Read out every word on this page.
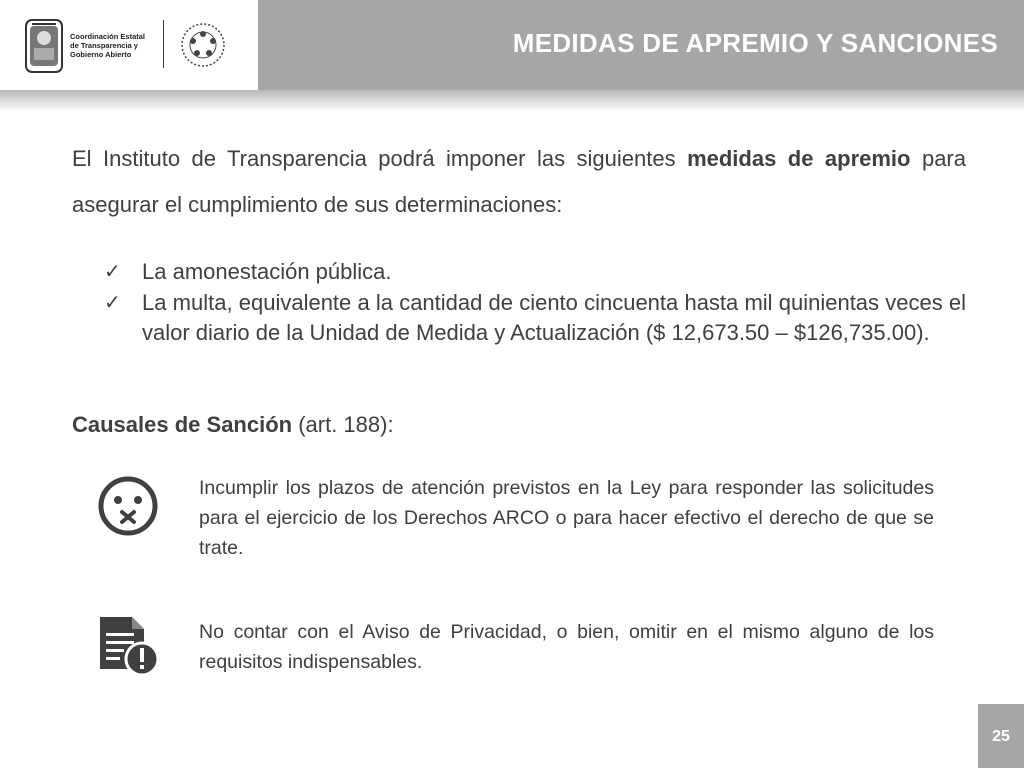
Coordinación Estatal
de Transparencia y
Gobierno Abierto	MEDIDAS DE APREMIO Y SANCIONES
El Instituto de Transparencia podrá imponer las siguientes medidas de apremio para asegurar el cumplimiento de sus determinaciones:
✓ La amonestación pública.
✓ La multa, equivalente a la cantidad de ciento cincuenta hasta mil quinientas veces el valor diario de la Unidad de Medida y Actualización ($ 12,673.50 – $126,735.00).
Causales de Sanción (art. 188):
Incumplir los plazos de atención previstos en la Ley para responder las solicitudes para el ejercicio de los Derechos ARCO o para hacer efectivo el derecho de que se trate.
No contar con el Aviso de Privacidad, o bien, omitir en el mismo alguno de los requisitos indispensables.
25
